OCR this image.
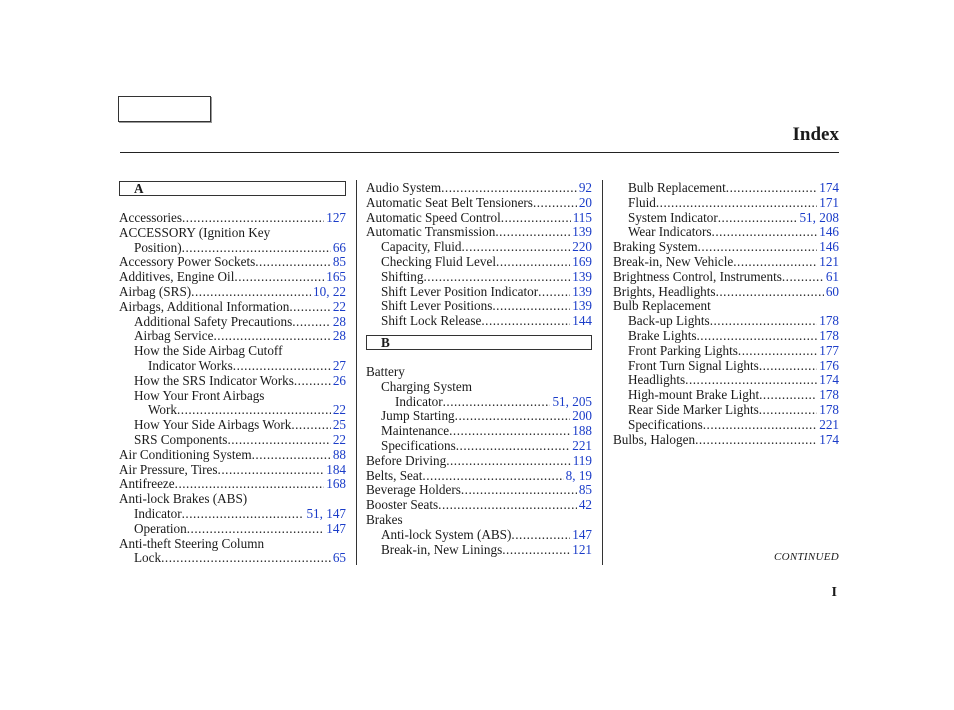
Index
A
Accessories .....	127
ACCESSORY (Ignition Key
Position) .....	66
Accessory Power Sockets .....	85
Additives, Engine Oil .....	165
Airbag (SRS) .....	10, 22
Airbags, Additional Information .....	22
Additional Safety Precautions .....	28
Airbag Service .....	28
How the Side Airbag Cutoff
Indicator Works .....	27
How the SRS Indicator Works .....	26
How Your Front Airbags
Work .....	22
How Your Side Airbags Work .....	25
SRS Components .....	22
Air Conditioning System .....	88
Air Pressure, Tires .....	184
Antifreeze .....	168
Anti-lock Brakes (ABS)
Indicator .....	51, 147
Operation .....	147
Anti-theft Steering Column
Lock .....	65
Audio System .....	92
Automatic Seat Belt Tensioners .....	20
Automatic Speed Control .....	115
Automatic Transmission .....	139
Capacity, Fluid .....	220
Checking Fluid Level .....	169
Shifting .....	139
Shift Lever Position Indicator .....	139
Shift Lever Positions .....	139
Shift Lock Release .....	144
B
Battery
Charging System
Indicator .....	51, 205
Jump Starting .....	200
Maintenance .....	188
Specifications .....	221
Before Driving .....	119
Belts, Seat .....	8, 19
Beverage Holders .....	85
Booster Seats .....	42
Brakes
Anti-lock System (ABS) .....	147
Break-in, New Linings .....	121
Bulb Replacement .....	174
Fluid .....	171
System Indicator .....	51, 208
Wear Indicators .....	146
Braking System .....	146
Break-in, New Vehicle .....	121
Brightness Control, Instruments .....	61
Brights, Headlights .....	60
Bulb Replacement
Back-up Lights .....	178
Brake Lights .....	178
Front Parking Lights .....	177
Front Turn Signal Lights .....	176
Headlights .....	174
High-mount Brake Light .....	178
Rear Side Marker Lights .....	178
Specifications .....	221
Bulbs, Halogen .....	174
CONTINUED
I
